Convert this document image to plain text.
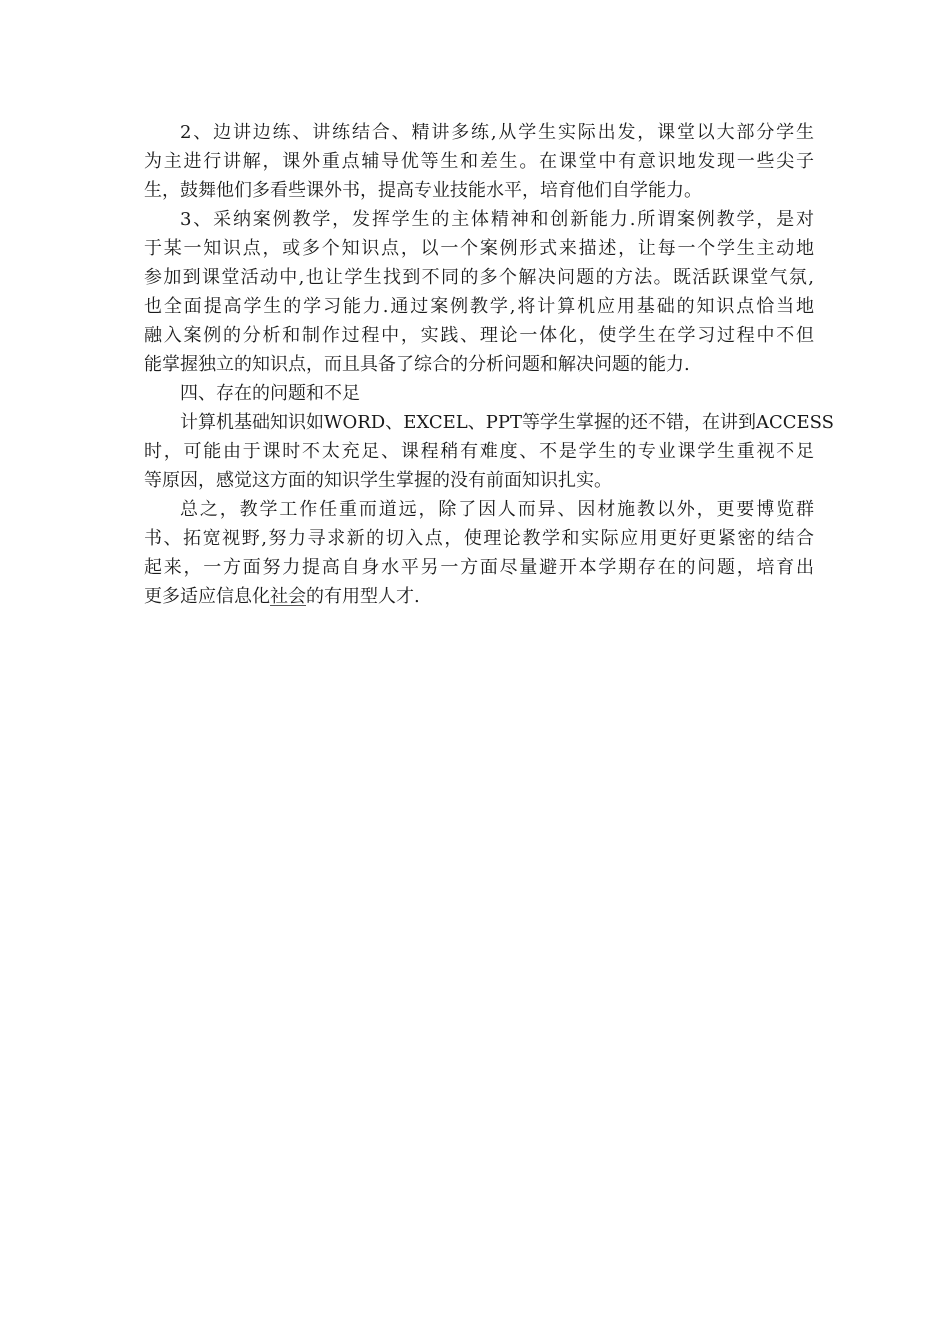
2、边讲边练、讲练结合、精讲多练,从学生实际出发，课堂以大部分学生
为主进行讲解，课外重点辅导优等生和差生。在课堂中有意识地发现一些尖子
生，鼓舞他们多看些课外书，提高专业技能水平，培育他们自学能力。
3、采纳案例教学，发挥学生的主体精神和创新能力.所谓案例教学，是对
于某一知识点，或多个知识点，以一个案例形式来描述，让每一个学生主动地
参加到课堂活动中,也让学生找到不同的多个解决问题的方法。既活跃课堂气氛,
也全面提高学生的学习能力.通过案例教学,将计算机应用基础的知识点恰当地
融入案例的分析和制作过程中，实践、理论一体化，使学生在学习过程中不但
能掌握独立的知识点，而且具备了综合的分析问题和解决问题的能力.
四、存在的问题和不足
计算机基础知识如WORD、EXCEL、PPT等学生掌握的还不错，在讲到ACCESS
时，可能由于课时不太充足、课程稍有难度、不是学生的专业课学生重视不足
等原因，感觉这方面的知识学生掌握的没有前面知识扎实。
总之，教学工作任重而道远，除了因人而异、因材施教以外，更要博览群
书、拓宽视野,努力寻求新的切入点，使理论教学和实际应用更好更紧密的结合
起来，一方面努力提高自身水平另一方面尽量避开本学期存在的问题，培育出
更多适应信息化社会的有用型人才.
